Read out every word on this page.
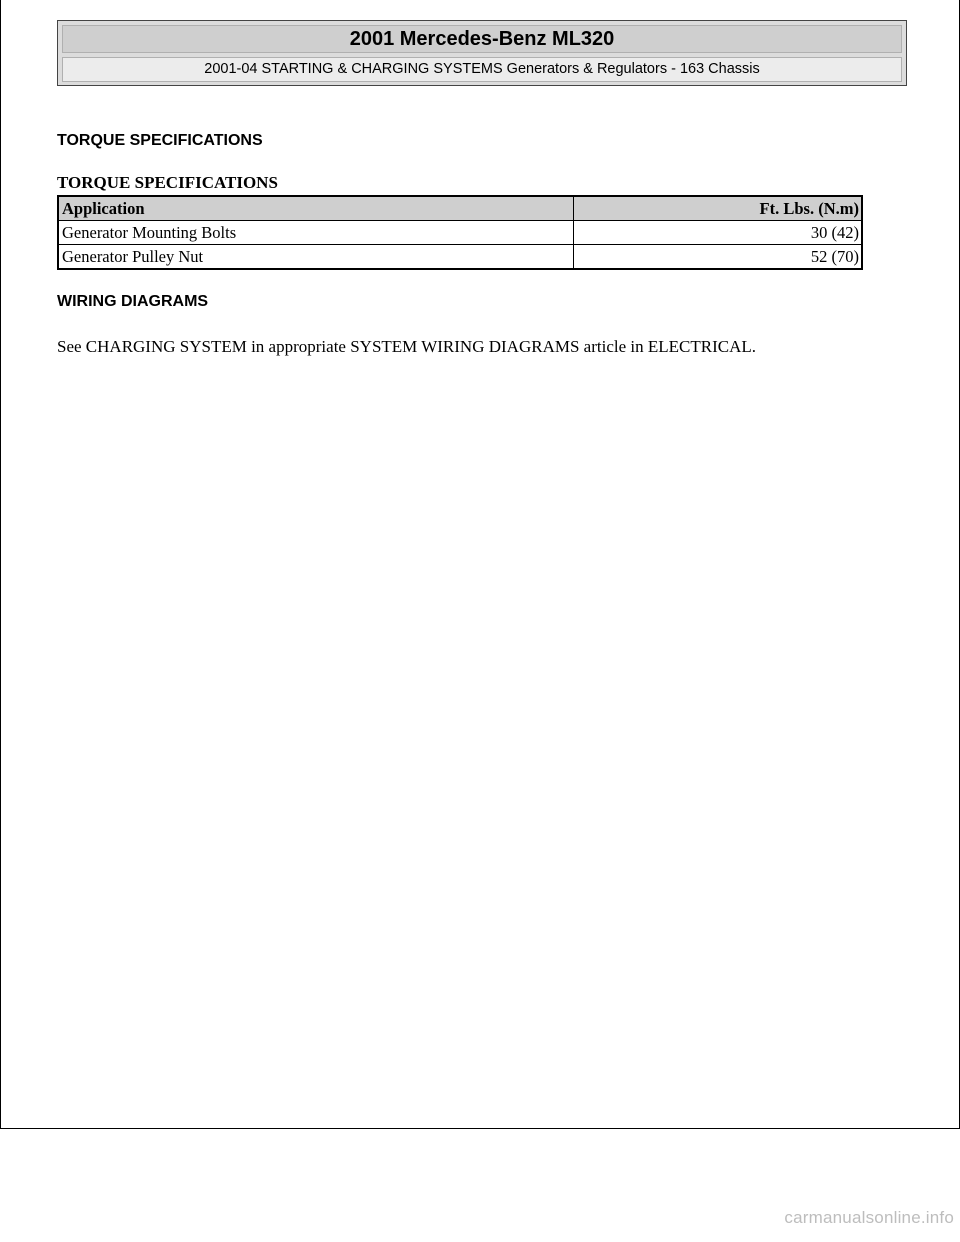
2001 Mercedes-Benz ML320
2001-04 STARTING & CHARGING SYSTEMS Generators & Regulators - 163 Chassis
TORQUE SPECIFICATIONS
TORQUE SPECIFICATIONS
Application	Ft. Lbs. (N.m)
Generator Mounting Bolts	30 (42)
Generator Pulley Nut	52 (70)
WIRING DIAGRAMS
See CHARGING SYSTEM in appropriate SYSTEM WIRING DIAGRAMS article in ELECTRICAL.
carmanualsonline.info
